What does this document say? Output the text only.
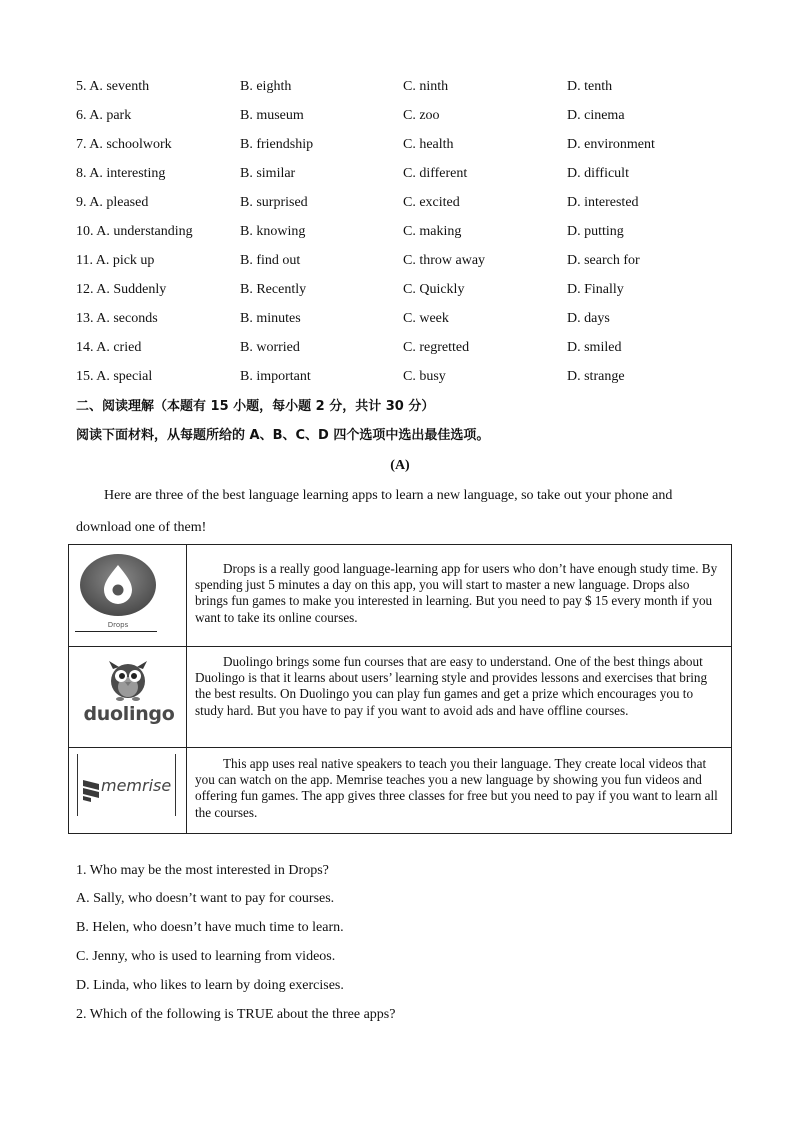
5. A. seventh	B. eighth	C. ninth	D. tenth
6. A. park	B. museum	C. zoo	D. cinema
7. A. schoolwork	B. friendship	C. health	D. environment
8. A. interesting	B. similar	C. different	D. difficult
9. A. pleased	B. surprised	C. excited	D. interested
10. A. understanding	B. knowing	C. making	D. putting
11. A. pick up	B. find out	C. throw away	D. search for
12. A. Suddenly	B. Recently	C. Quickly	D. Finally
13. A. seconds	B. minutes	C. week	D. days
14. A. cried	B. worried	C. regretted	D. smiled
15. A. special	B. important	C. busy	D. strange
二、阅读理解（本题有 15 小题，每小题 2 分，共计 30 分）
阅读下面材料，从每题所给的 A、B、C、D 四个选项中选出最佳选项。
(A)
Here are three of the best language learning apps to learn a new language, so take out your phone and
download one of them!
Drops
Drops is a really good language-learning app for users who don’t have enough study time. By spending just 5 minutes a day on this app, you will start to master a new language. Drops also brings fun games to make you interested in learning. But you need to pay $ 15 every month if you want to take its online courses.
duolingo
Duolingo brings some fun courses that are easy to understand. One of the best things about Duolingo is that it learns about users’ learning style and provides lessons and exercises that bring the best results. On Duolingo you can play fun games and get a prize which encourages you to study hard. But you have to pay if you want to avoid ads and have offline courses.
memrise
This app uses real native speakers to teach you their language. They create local videos that you can watch on the app. Memrise teaches you a new language by showing you fun videos and offering fun games. The app gives three classes for free but you need to pay if you want to learn all the courses.
1. Who may be the most interested in Drops?
A. Sally, who doesn’t want to pay for courses.
B. Helen, who doesn’t have much time to learn.
C. Jenny, who is used to learning from videos.
D. Linda, who likes to learn by doing exercises.
2. Which of the following is TRUE about the three apps?
